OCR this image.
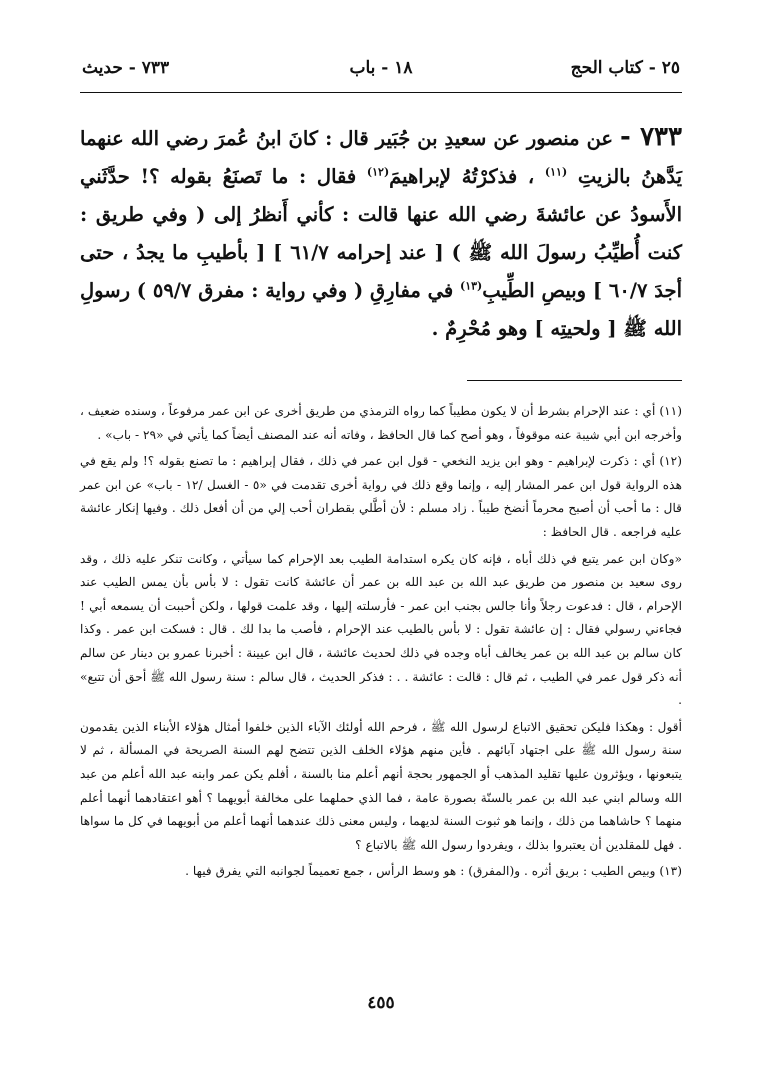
٢٥ - كتاب الحج
١٨ - باب
٧٣٣ - حديث

٧٣٣ - عن منصور عن سعيدِ بن جُبَير قال : كانَ ابنُ عُمرَ رضي الله عنهما يَدَّهنُ بالزيتِ $^{(١١)}$ ، فذكرْتُهُ لإبراهيمَ$^{(١٢)}$ فقال : ما تَصنَعُ بقوله ؟! حدَّثَني الأَسودُ عن عائشةَ رضي الله عنها قالت : كأني أَنظرُ إلى ( وفي طريق : كنت أُطيِّبُ رسولَ الله ﷺ ) [ عند إحرامه ٦١/٧ ] [ بأطيبِ ما يجدُ ، حتى أجدَ ٦٠/٧ ] وبيصِ الطِّيبِ$^{(١٣)}$ في مفارِقِ ( وفي رواية : مفرق ٥٩/٧ ) رسولِ الله ﷺ [ ولحيتِه ] وهو مُحْرِمٌ .

(١١) أي : عند الإحرام بشرط أن لا يكون مطيباً كما رواه الترمذي من طريق أخرى عن ابن عمر مرفوعاً ، وسنده ضعيف ، وأخرجه ابن أبي شيبة عنه موقوفاً ، وهو أصح كما قال الحافظ ، وفاته أنه عند المصنف أيضاً كما يأتي في «٢٩ - باب» .

(١٢) أي : ذكرت لإبراهيم - وهو ابن يزيد النخعي - قول ابن عمر في ذلك ، فقال إبراهيم : ما تصنع بقوله ؟! ولم يقع في هذه الرواية قول ابن عمر المشار إليه ، وإنما وقع ذلك في رواية أخرى تقدمت في «٥ - الغسل /١٢ - باب» عن ابن عمر قال : ما أحب أن أصبح محرماً أنضخ طيباً . زاد مسلم : لأن أطَّلي بقطران أحب إلي من أن أفعل ذلك . وفيها إنكار عائشة عليه فراجعه . قال الحافظ :

«وكان ابن عمر يتبع في ذلك أباه ، فإنه كان يكره استدامة الطيب بعد الإحرام كما سيأتي ، وكانت تنكر عليه ذلك ، وقد روى سعيد بن منصور من طريق عبد الله بن عبد الله بن عمر أن عائشة كانت تقول : لا بأس بأن يمس الطيب عند الإحرام ، قال : فدعوت رجلاً وأنا جالس بجنب ابن عمر - فأرسلته إليها ، وقد علمت قولها ، ولكن أحببت أن يسمعه أبي ! فجاءني رسولي فقال : إن عائشة تقول : لا بأس بالطيب عند الإحرام ، فأصب ما بدا لك . قال : فسكت ابن عمر . وكذا كان سالم بن عبد الله بن عمر يخالف أباه وجده في ذلك لحديث عائشة ، قال ابن عيينة : أخبرنا عمرو بن دينار عن سالم أنه ذكر قول عمر في الطيب ، ثم قال : قالت : عائشة . . : فذكر الحديث ، قال سالم : سنة رسول الله ﷺ أحق أن تتبع» .

أقول : وهكذا فليكن تحقيق الاتباع لرسول الله ﷺ ، فرحم الله أولئك الآباء الذين خلفوا أمثال هؤلاء الأبناء الذين يقدمون سنة رسول الله ﷺ على اجتهاد آبائهم . فأين منهم هؤلاء الخلف الذين تتضح لهم السنة الصريحة في المسألة ، ثم لا يتبعونها ، ويؤثرون عليها تقليد المذهب أو الجمهور بحجة أنهم أعلم منا بالسنة ، أفلم يكن عمر وابنه عبد الله أعلم من عبد الله وسالم ابني عبد الله بن عمر بالسنّة بصورة عامة ، فما الذي حملهما على مخالفة أبويهما ؟ أهو اعتقادهما أنهما أعلم منهما ؟ حاشاهما من ذلك ، وإنما هو ثبوت السنة لديهما ، وليس معنى ذلك عندهما أنهما أعلم من أبويهما في كل ما سواها . فهل للمقلدين أن يعتبروا بذلك ، ويفردوا رسول الله ﷺ بالاتباع ؟

(١٣) وبيص الطيب : بريق أثره . و(المفرق) : هو وسط الرأس ، جمع تعميماً لجوانبه التي يفرق فيها .

٤٥٥
